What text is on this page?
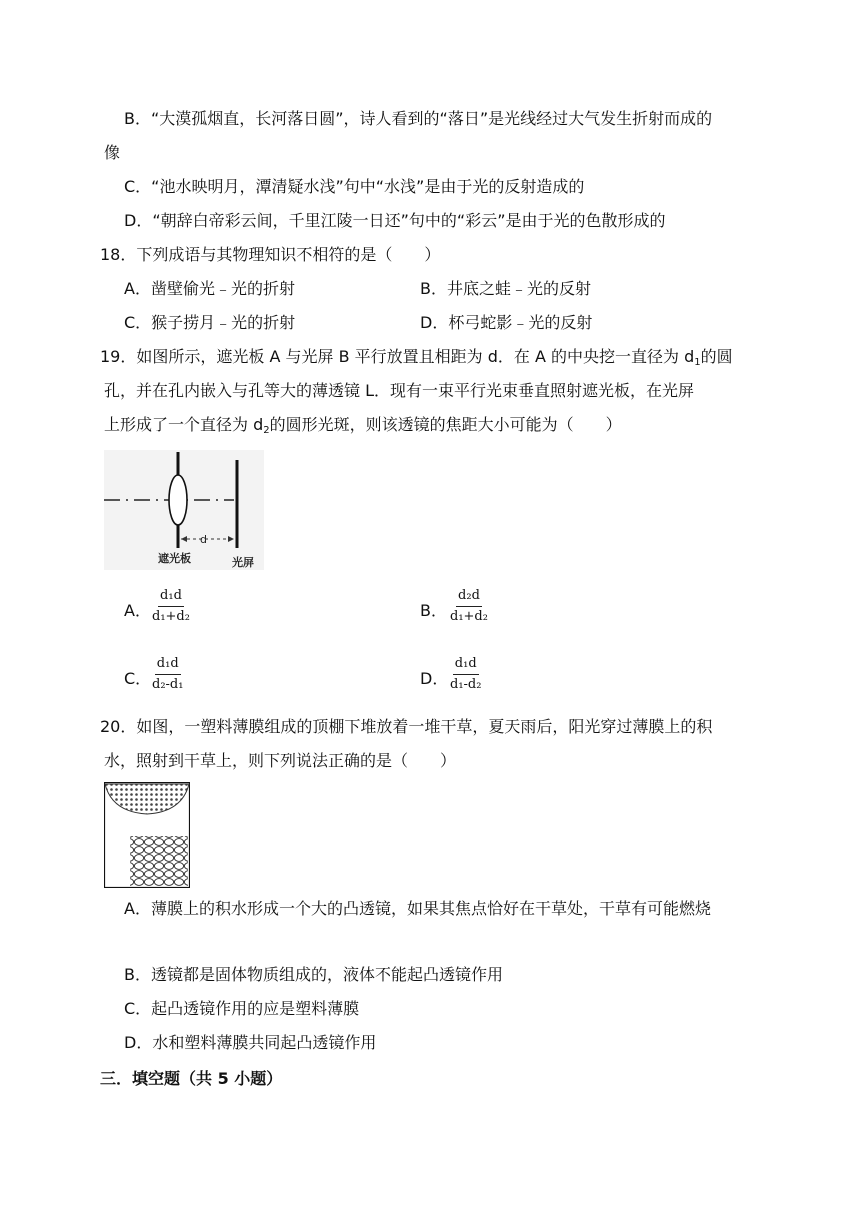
B．“大漠孤烟直，长河落日圆”，诗人看到的“落日”是光线经过大气发生折射而成的
像
C．“池水映明月，潭清疑水浅”句中“水浅”是由于光的反射造成的
D．“朝辞白帝彩云间，千里江陵一日还”句中的“彩云”是由于光的色散形成的
18．下列成语与其物理知识不相符的是（　　）
A．凿壁偷光﹣光的折射	B．井底之蛙﹣光的反射
C．猴子捞月﹣光的折射	D．杯弓蛇影﹣光的反射
19．如图所示，遮光板 A 与光屏 B 平行放置且相距为 d．在 A 的中央挖一直径为 $d_1$的圆
孔，并在孔内嵌入与孔等大的薄透镜 L．现有一束平行光束垂直照射遮光板，在光屏
上形成了一个直径为 $d_2$的圆形光斑，则该透镜的焦距大小可能为（　　）
d
遮光板	光屏
A． $\frac{\text{d₁d}}{\text{d₁+d₂}}$	B． $\frac{\text{d₂d}}{\text{d₁+d₂}}$
C． $\frac{\text{d₁d}}{\text{d₂-d₁}}$	D． $\frac{\text{d₁d}}{\text{d₁-d₂}}$
20．如图，一塑料薄膜组成的顶棚下堆放着一堆干草，夏天雨后，阳光穿过薄膜上的积
水，照射到干草上，则下列说法正确的是（　　）
A．薄膜上的积水形成一个大的凸透镜，如果其焦点恰好在干草处，干草有可能燃烧
B．透镜都是固体物质组成的，液体不能起凸透镜作用
C．起凸透镜作用的应是塑料薄膜
D．水和塑料薄膜共同起凸透镜作用
三．填空题（共 5 小题）
